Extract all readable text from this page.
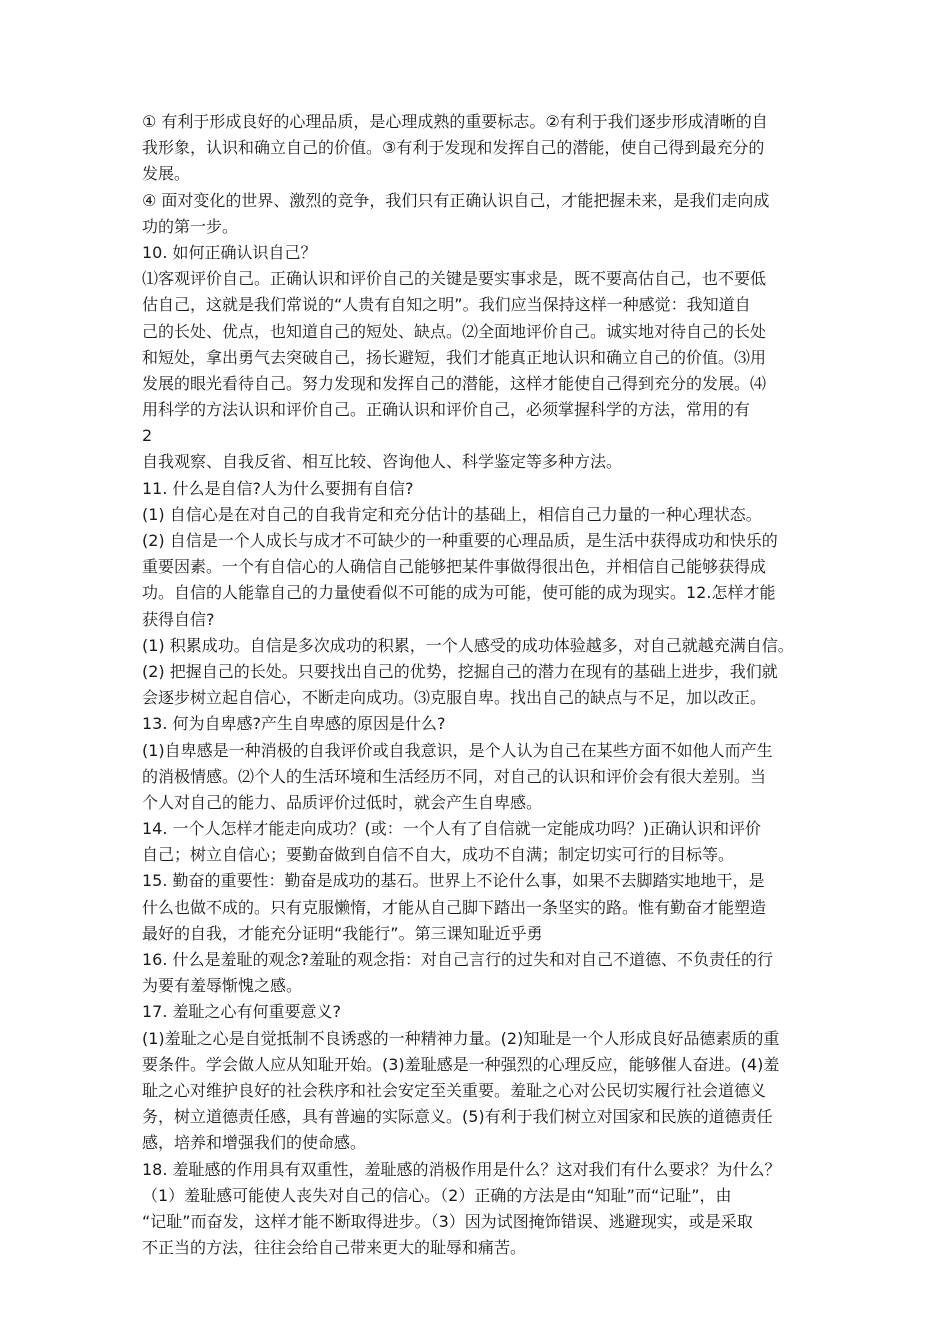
① 有利于形成良好的心理品质，是心理成熟的重要标志。②有利于我们逐步形成清晰的自

我形象，认识和确立自己的价值。③有利于发现和发挥自己的潜能，使自己得到最充分的

发展。

④ 面对变化的世界、激烈的竞争，我们只有正确认识自己，才能把握未来，是我们走向成

功的第一步。

10. 如何正确认识自己？

⑴客观评价自己。正确认识和评价自己的关键是要实事求是，既不要高估自己，也不要低

估自己，这就是我们常说的“人贵有自知之明”。我们应当保持这样一种感觉：我知道自

己的长处、优点，也知道自己的短处、缺点。⑵全面地评价自己。诚实地对待自己的长处

和短处，拿出勇气去突破自己，扬长避短，我们才能真正地认识和确立自己的价值。⑶用

发展的眼光看待自己。努力发现和发挥自己的潜能，这样才能使自己得到充分的发展。⑷

用科学的方法认识和评价自己。正确认识和评价自己，必须掌握科学的方法，常用的有

2

自我观察、自我反省、相互比较、咨询他人、科学鉴定等多种方法。

11. 什么是自信?人为什么要拥有自信?

(1) 自信心是在对自己的自我肯定和充分估计的基础上，相信自己力量的一种心理状态。

(2) 自信是一个人成长与成才不可缺少的一种重要的心理品质，是生活中获得成功和快乐的

重要因素。一个有自信心的人确信自己能够把某件事做得很出色，并相信自己能够获得成

功。自信的人能靠自己的力量使看似不可能的成为可能，使可能的成为现实。12.怎样才能

获得自信?

(1) 积累成功。自信是多次成功的积累，一个人感受的成功体验越多，对自己就越充满自信。

(2) 把握自己的长处。只要找出自己的优势，挖掘自己的潜力在现有的基础上进步，我们就

会逐步树立起自信心，不断走向成功。⑶克服自卑。找出自己的缺点与不足，加以改正。

13. 何为自卑感?产生自卑感的原因是什么?

(1)自卑感是一种消极的自我评价或自我意识，是个人认为自己在某些方面不如他人而产生

的消极情感。⑵个人的生活环境和生活经历不同，对自己的认识和评价会有很大差别。当

个人对自己的能力、品质评价过低时，就会产生自卑感。

14. 一个人怎样才能走向成功？(或：一个人有了自信就一定能成功吗？)正确认识和评价

自己；树立自信心；要勤奋做到自信不自大，成功不自满；制定切实可行的目标等。

15. 勤奋的重要性：勤奋是成功的基石。世界上不论什么事，如果不去脚踏实地地干，是

什么也做不成的。只有克服懒惰，才能从自己脚下踏出一条坚实的路。惟有勤奋才能塑造

最好的自我，才能充分证明“我能行”。第三课知耻近乎勇

16. 什么是羞耻的观念?羞耻的观念指：对自己言行的过失和对自己不道德、不负责任的行

为要有羞辱惭愧之感。

17. 羞耻之心有何重要意义?

(1)羞耻之心是自觉抵制不良诱惑的一种精神力量。(2)知耻是一个人形成良好品德素质的重

要条件。学会做人应从知耻开始。(3)羞耻感是一种强烈的心理反应，能够催人奋进。(4)羞

耻之心对维护良好的社会秩序和社会安定至关重要。羞耻之心对公民切实履行社会道德义

务，树立道德责任感，具有普遍的实际意义。(5)有利于我们树立对国家和民族的道德责任

感，培养和增强我们的使命感。

18. 羞耻感的作用具有双重性，羞耻感的消极作用是什么？这对我们有什么要求？为什么？

（1）羞耻感可能使人丧失对自己的信心。（2）正确的方法是由“知耻”而“记耻”，由

“记耻”而奋发，这样才能不断取得进步。（3）因为试图掩饰错误、逃避现实，或是采取

不正当的方法，往往会给自己带来更大的耻辱和痛苦。
